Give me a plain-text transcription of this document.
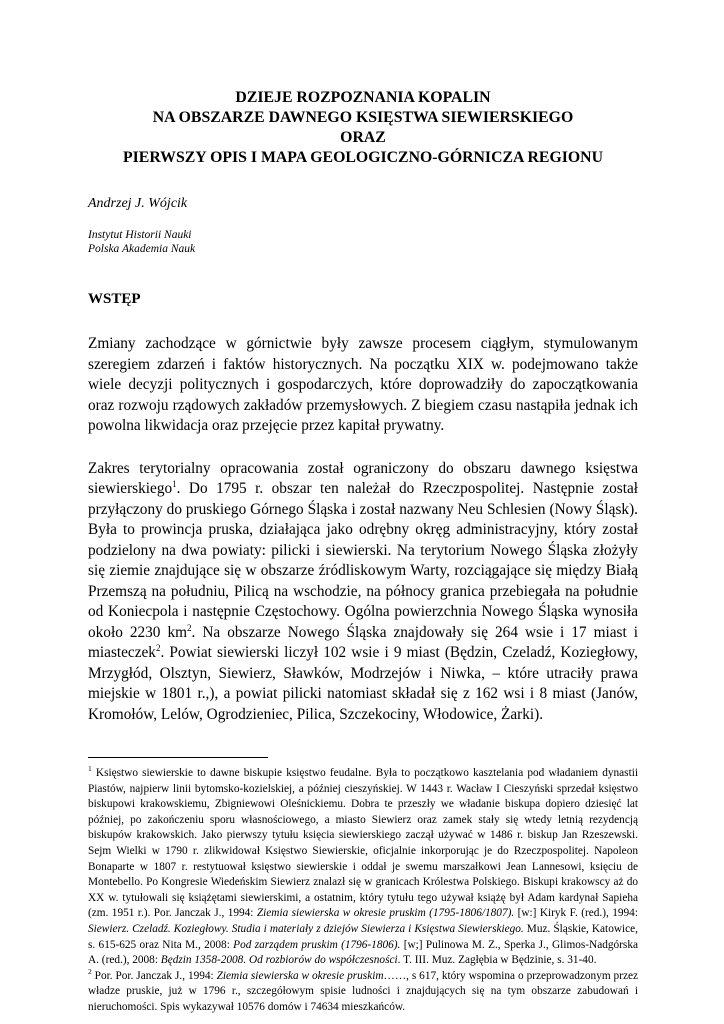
DZIEJE ROZPOZNANIA KOPALIN
NA OBSZARZE DAWNEGO KSIĘSTWA SIEWIERSKIEGO
ORAZ
PIERWSZY OPIS I MAPA GEOLOGICZNO-GÓRNICZA REGIONU
Andrzej J. Wójcik
Instytut Historii Nauki
Polska Akademia Nauk
WSTĘP

Zmiany zachodzące w górnictwie były zawsze procesem ciągłym, stymulowanym szeregiem zdarzeń i faktów historycznych. Na początku XIX w. podejmowano także wiele decyzji politycznych i gospodarczych, które doprowadziły do zapoczątkowania oraz rozwoju rządowych zakładów przemysłowych. Z biegiem czasu nastąpiła jednak ich powolna likwidacja oraz przejęcie przez kapitał prywatny.

Zakres terytorialny opracowania został ograniczony do obszaru dawnego księstwa siewierskiego$^1$. Do 1795 r. obszar ten należał do Rzeczpospolitej. Następnie został przyłączony do pruskiego Górnego Śląska i został nazwany Neu Schlesien (Nowy Śląsk). Była to prowincja pruska, działająca jako odrębny okręg administracyjny, który został podzielony na dwa powiaty: pilicki i siewierski. Na terytorium Nowego Śląska złożyły się ziemie znajdujące się w obszarze źródliskowym Warty, rozciągające się między Białą Przemszą na południu, Pilicą na wschodzie, na północy granica przebiegała na południe od Koniecpola i następnie Częstochowy. Ogólna powierzchnia Nowego Śląska wynosiła około 2230 $km^2$. Na obszarze Nowego Śląska znajdowały się 264 wsie i 17 miast i miasteczek$^2$. Powiat siewierski liczył 102 wsie i 9 miast (Będzin, Czeladź, Koziegłowy, Mrzygłód, Olsztyn, Siewierz, Sławków, Modrzejów i Niwka, – które utraciły prawa miejskie w 1801 r.,), a powiat pilicki natomiast składał się z 162 wsi i 8 miast (Janów, Kromołów, Lelów, Ogrodzieniec, Pilica, Szczekociny, Włodowice, Żarki).

$^1$ Księstwo siewierskie to dawne biskupie księstwo feudalne. Była to początkowo kasztelania pod władaniem dynastii Piastów, najpierw linii bytomsko-kozielskiej, a później cieszyńskiej. W 1443 r. Wacław I Cieszyński sprzedał księstwo biskupowi krakowskiemu, Zbigniewowi Oleśnickiemu. Dobra te przeszły we władanie biskupa dopiero dziesięć lat później, po zakończeniu sporu własnościowego, a miasto Siewierz oraz zamek stały się wtedy letnią rezydencją biskupów krakowskich. Jako pierwszy tytułu księcia siewierskiego zaczął używać w 1486 r. biskup Jan Rzeszewski. Sejm Wielki w 1790 r. zlikwidował Księstwo Siewierskie, oficjalnie inkorporując je do Rzeczpospolitej. Napoleon Bonaparte w 1807 r. restytuował księstwo siewierskie i oddał je swemu marszałkowi Jean Lannesowi, księciu de Montebello. Po Kongresie Wiedeńskim Siewierz znalazł się w granicach Królestwa Polskiego. Biskupi krakowscy aż do XX w. tytułowali się książętami siewierskimi, a ostatnim, który tytułu tego używał książę był Adam kardynał Sapieha (zm. 1951 r.). Por. Janczak J., 1994: Ziemia siewierska w okresie pruskim (1795-1806/1807). [w:] Kiryk F. (red.), 1994: Siewierz. Czeladź. Koziegłowy. Studia i materiały z dziejów Siewierza i Księstwa Siewierskiego. Muz. Śląskie, Katowice, s. 615-625 oraz Nita M., 2008: Pod zarządem pruskim (1796-1806). [w;] Pulinowa M. Z., Sperka J., Glimos-Nadgórska A. (red.), 2008: Będzin 1358-2008. Od rozbiorów do współczesności. T. III. Muz. Zagłębia w Będzinie, s. 31-40.

$^2$ Por. Por. Janczak J., 1994: Ziemia siewierska w okresie pruskim……, s 617, który wspomina o przeprowadzonym przez władze pruskie, już w 1796 r., szczegółowym spisie ludności i znajdujących się na tym obszarze zabudowań i nieruchomości. Spis wykazywał 10576 domów i 74634 mieszkańców.
